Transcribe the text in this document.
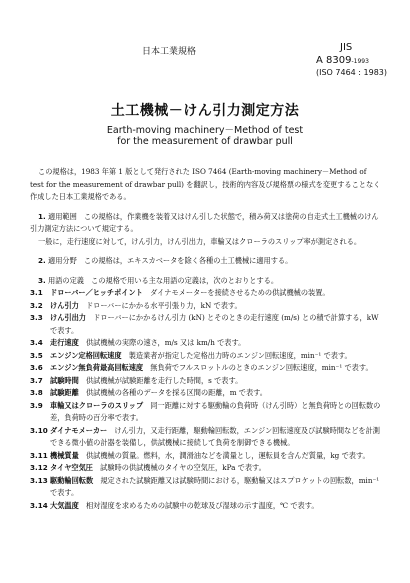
日本工業規格	JIS
A 8309-1993
(ISO 7464 : 1983)
土工機械－けん引力測定方法
Earth-moving machinery－Method of test
for the measurement of drawbar pull

この規格は，1983 年第 1 版として発行された ISO 7464 (Earth-moving machinery－Method of test for the measurement of drawbar pull) を翻訳し，技術的内容及び規格票の様式を変更することなく作成した日本工業規格である。

1. 適用範囲　この規格は，作業機を装着又はけん引した状態で，積み荷又は塗荷の自走式土工機械のけん引力測定方法について規定する。

一般に，走行速度に対して，けん引力，けん引出力，車輪又はクローラのスリップ率が測定される。

2. 適用分野　この規格は，エキスカベータを除く各種の土工機械に適用する。

3. 用語の定義　この規格で用いる主な用語の定義は，次のとおりとする。

3.1 ドローバー／ヒッチポイント　ダイナモメーターを接続させるための供試機械の装置。
3.2 けん引力　ドローバーにかかる水平引張り力，kN で表す。
3.3 けん引出力　ドローバーにかかるけん引力 (kN) とそのときの走行速度 (m/s) との積で計算する，kW で表す。
3.4 走行速度　供試機械の実際の速さ，m/s 又は km/h で表す。
3.5 エンジン定格回転速度　製造業者が指定した定格出力時のエンジン回転速度，min⁻¹ で表す。
3.6 エンジン無負荷最高回転速度　無負荷でフルスロットルのときのエンジン回転速度，min⁻¹ で表す。
3.7 試験時間　供試機械が試験距離を走行した時間，s で表す。
3.8 試験距離　供試機械の各種のデータを採る区間の距離，m で表す。
3.9 車輪又はクローラのスリップ　同一距離に対する駆動輪の負荷時（けん引時）と無負荷時との回転数の差，負荷時の百分率で表す。
3.10 ダイナモメーカー　けん引力，又走行距離，駆動輪回転数，エンジン回転速度及び試験時間などを計測できる微小値の計器を装備し，供試機械に接続して負荷を制御できる機械。
3.11 機械質量　供試機械の質量。燃料，水，潤滑油などを満量とし，運転員を含んだ質量，kg で表す。
3.12 タイヤ空気圧　試験時の供試機械のタイヤの空気圧，kPa で表す。
3.13 駆動輪回転数　規定された試験距離又は試験時間における，駆動輪又はスプロケットの回転数，min⁻¹ で表す。
3.14 大気温度　相対湿度を求めるための試験中の乾球及び湿球の示す温度，℃ で表す。
